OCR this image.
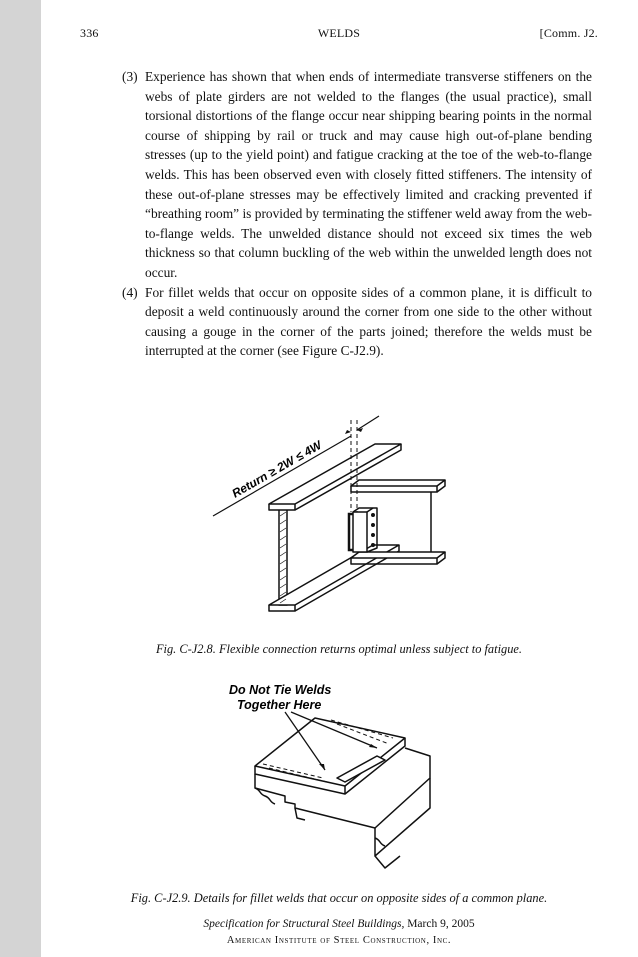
336	WELDS	[Comm. J2.

(3) Experience has shown that when ends of intermediate transverse stiffeners on the webs of plate girders are not welded to the flanges (the usual practice), small torsional distortions of the flange occur near shipping bearing points in the normal course of shipping by rail or truck and may cause high out-of-plane bending stresses (up to the yield point) and fatigue cracking at the toe of the web-to-flange welds. This has been observed even with closely fitted stiffeners. The intensity of these out-of-plane stresses may be effectively limited and cracking prevented if “breathing room” is provided by terminating the stiffener weld away from the web-to-flange welds. The unwelded distance should not exceed six times the web thickness so that column buckling of the web within the unwelded length does not occur.

(4) For fillet welds that occur on opposite sides of a common plane, it is difficult to deposit a weld continuously around the corner from one side to the other without causing a gouge in the corner of the parts joined; therefore the welds must be interrupted at the corner (see Figure C-J2.9).

Return ≥ 2W ≤ 4W
Fig. C-J2.8. Flexible connection returns optimal unless subject to fatigue.
Do Not Tie Welds
Together Here
Fig. C-J2.9. Details for fillet welds that occur on opposite sides of a common plane.
Specification for Structural Steel Buildings, March 9, 2005
American Institute of Steel Construction, Inc.
